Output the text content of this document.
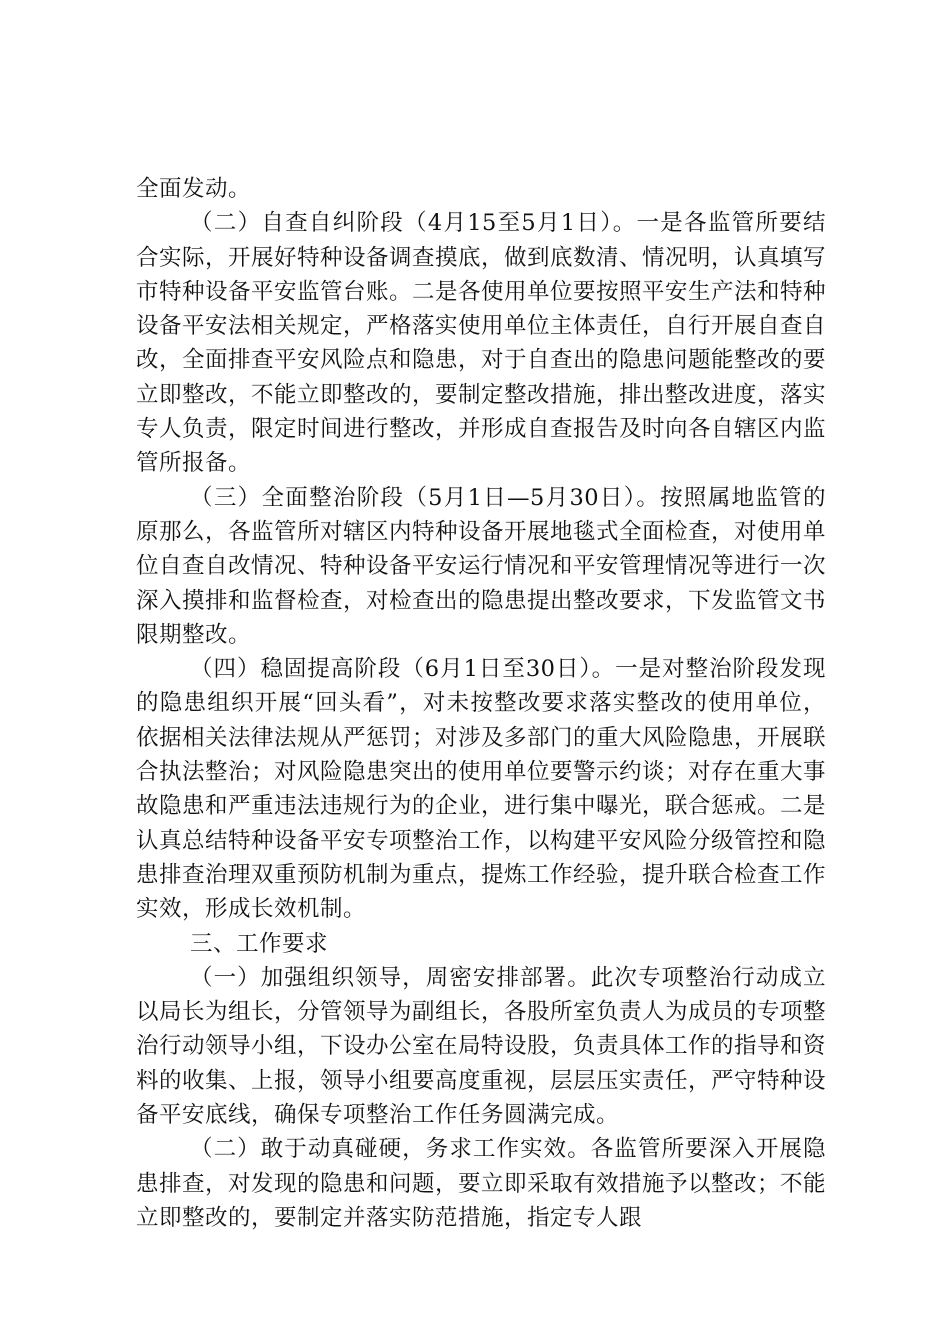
全面发动。

（二）自查自纠阶段（4月15至5月1日）。一是各监管所要结合实际，开展好特种设备调查摸底，做到底数清、情况明，认真填写市特种设备平安监管台账。二是各使用单位要按照平安生产法和特种设备平安法相关规定，严格落实使用单位主体责任，自行开展自查自改，全面排查平安风险点和隐患，对于自查出的隐患问题能整改的要立即整改，不能立即整改的，要制定整改措施，排出整改进度，落实专人负责，限定时间进行整改，并形成自查报告及时向各自辖区内监管所报备。

（三）全面整治阶段（5月1日—5月30日）。按照属地监管的原那么，各监管所对辖区内特种设备开展地毯式全面检查，对使用单位自查自改情况、特种设备平安运行情况和平安管理情况等进行一次深入摸排和监督检查，对检查出的隐患提出整改要求，下发监管文书限期整改。

（四）稳固提高阶段（6月1日至30日）。一是对整治阶段发现的隐患组织开展“回头看”，对未按整改要求落实整改的使用单位，依据相关法律法规从严惩罚；对涉及多部门的重大风险隐患，开展联合执法整治；对风险隐患突出的使用单位要警示约谈；对存在重大事故隐患和严重违法违规行为的企业，进行集中曝光，联合惩戒。二是认真总结特种设备平安专项整治工作，以构建平安风险分级管控和隐患排查治理双重预防机制为重点，提炼工作经验，提升联合检查工作实效，形成长效机制。

三、工作要求

（一）加强组织领导，周密安排部署。此次专项整治行动成立以局长为组长，分管领导为副组长，各股所室负责人为成员的专项整治行动领导小组，下设办公室在局特设股，负责具体工作的指导和资料的收集、上报，领导小组要高度重视，层层压实责任，严守特种设备平安底线，确保专项整治工作任务圆满完成。

（二）敢于动真碰硬，务求工作实效。各监管所要深入开展隐患排查，对发现的隐患和问题，要立即采取有效措施予以整改；不能立即整改的，要制定并落实防范措施，指定专人跟
